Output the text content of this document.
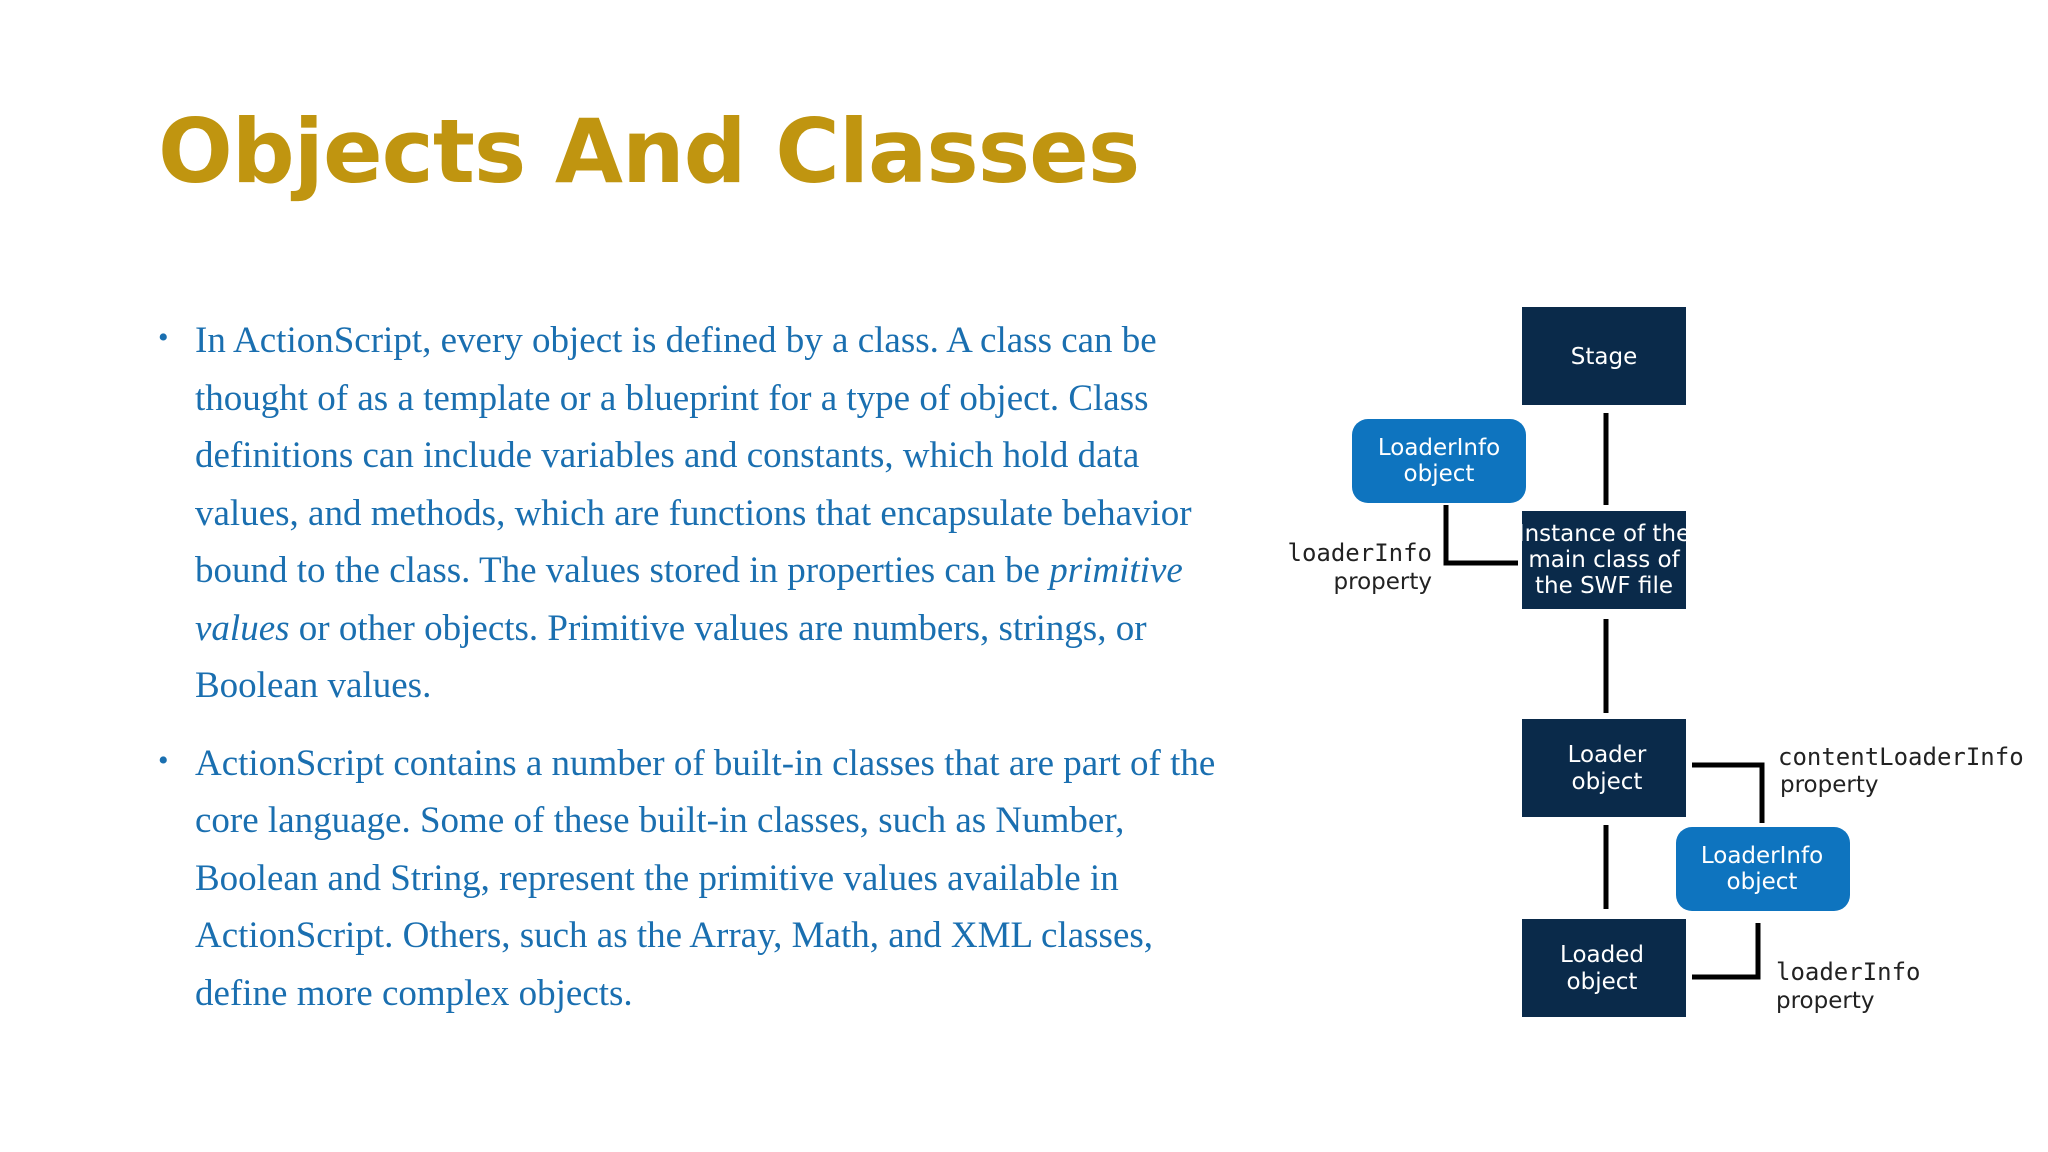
Objects And Classes
• In ActionScript, every object is defined by a class. A class can be thought of as a template or a blueprint for a type of object. Class definitions can include variables and constants, which hold data values, and methods, which are functions that encapsulate behavior bound to the class. The values stored in properties can be primitive values or other objects. Primitive values are numbers, strings, or Boolean values.
• ActionScript contains a number of built-in classes that are part of the core language. Some of these built-in classes, such as Number, Boolean and String, represent the primitive values available in ActionScript. Others, such as the Array, Math, and XML classes, define more complex objects.
Stage
LoaderInfo
object
loaderInfo
property
Instance of the
main class of
the SWF file
Loader
object
contentLoaderInfo
property
LoaderInfo
object
Loaded
object	loaderInfo
property
